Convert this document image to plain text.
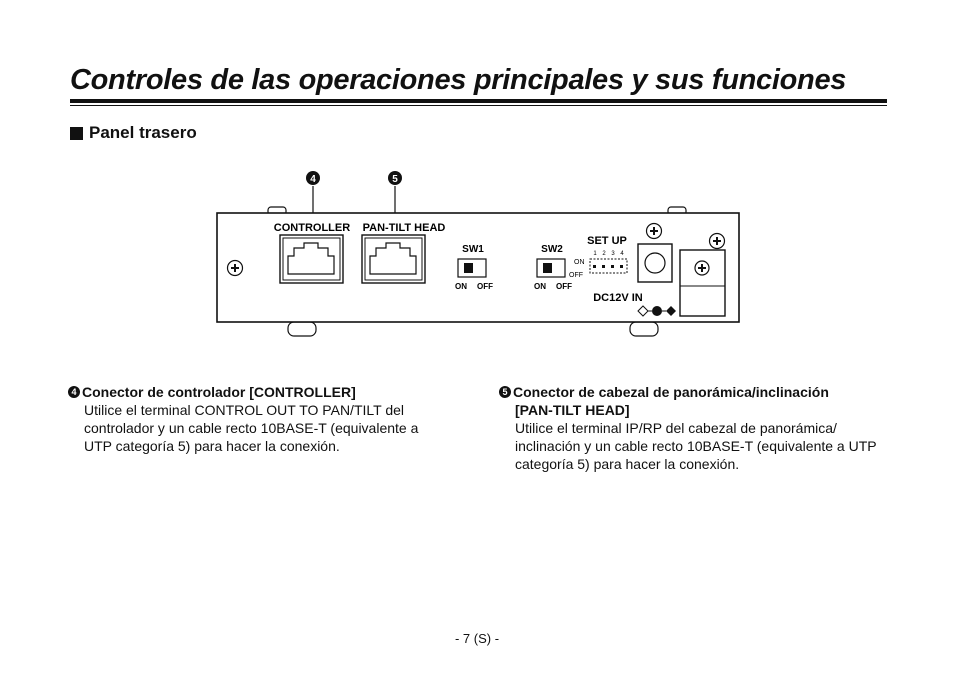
Controles de las operaciones principales y sus funciones
Panel trasero
4	5
CONTROLLER PAN-TILT HEAD
SW1
ON OFF
SW2
ON OFF
SET UP
1 2 3 4
ON
OFF
DC12V IN
4 Conector de controlador [CONTROLLER]
Utilice el terminal CONTROL OUT TO PAN/TILT del controlador y un cable recto 10BASE-T (equivalente a UTP categoría 5) para hacer la conexión.
5 Conector de cabezal de panorámica/inclinación
[PAN-TILT HEAD]
Utilice el terminal IP/RP del cabezal de panorámica/ inclinación y un cable recto 10BASE-T (equivalente a UTP categoría 5) para hacer la conexión.
- 7 (S) -
